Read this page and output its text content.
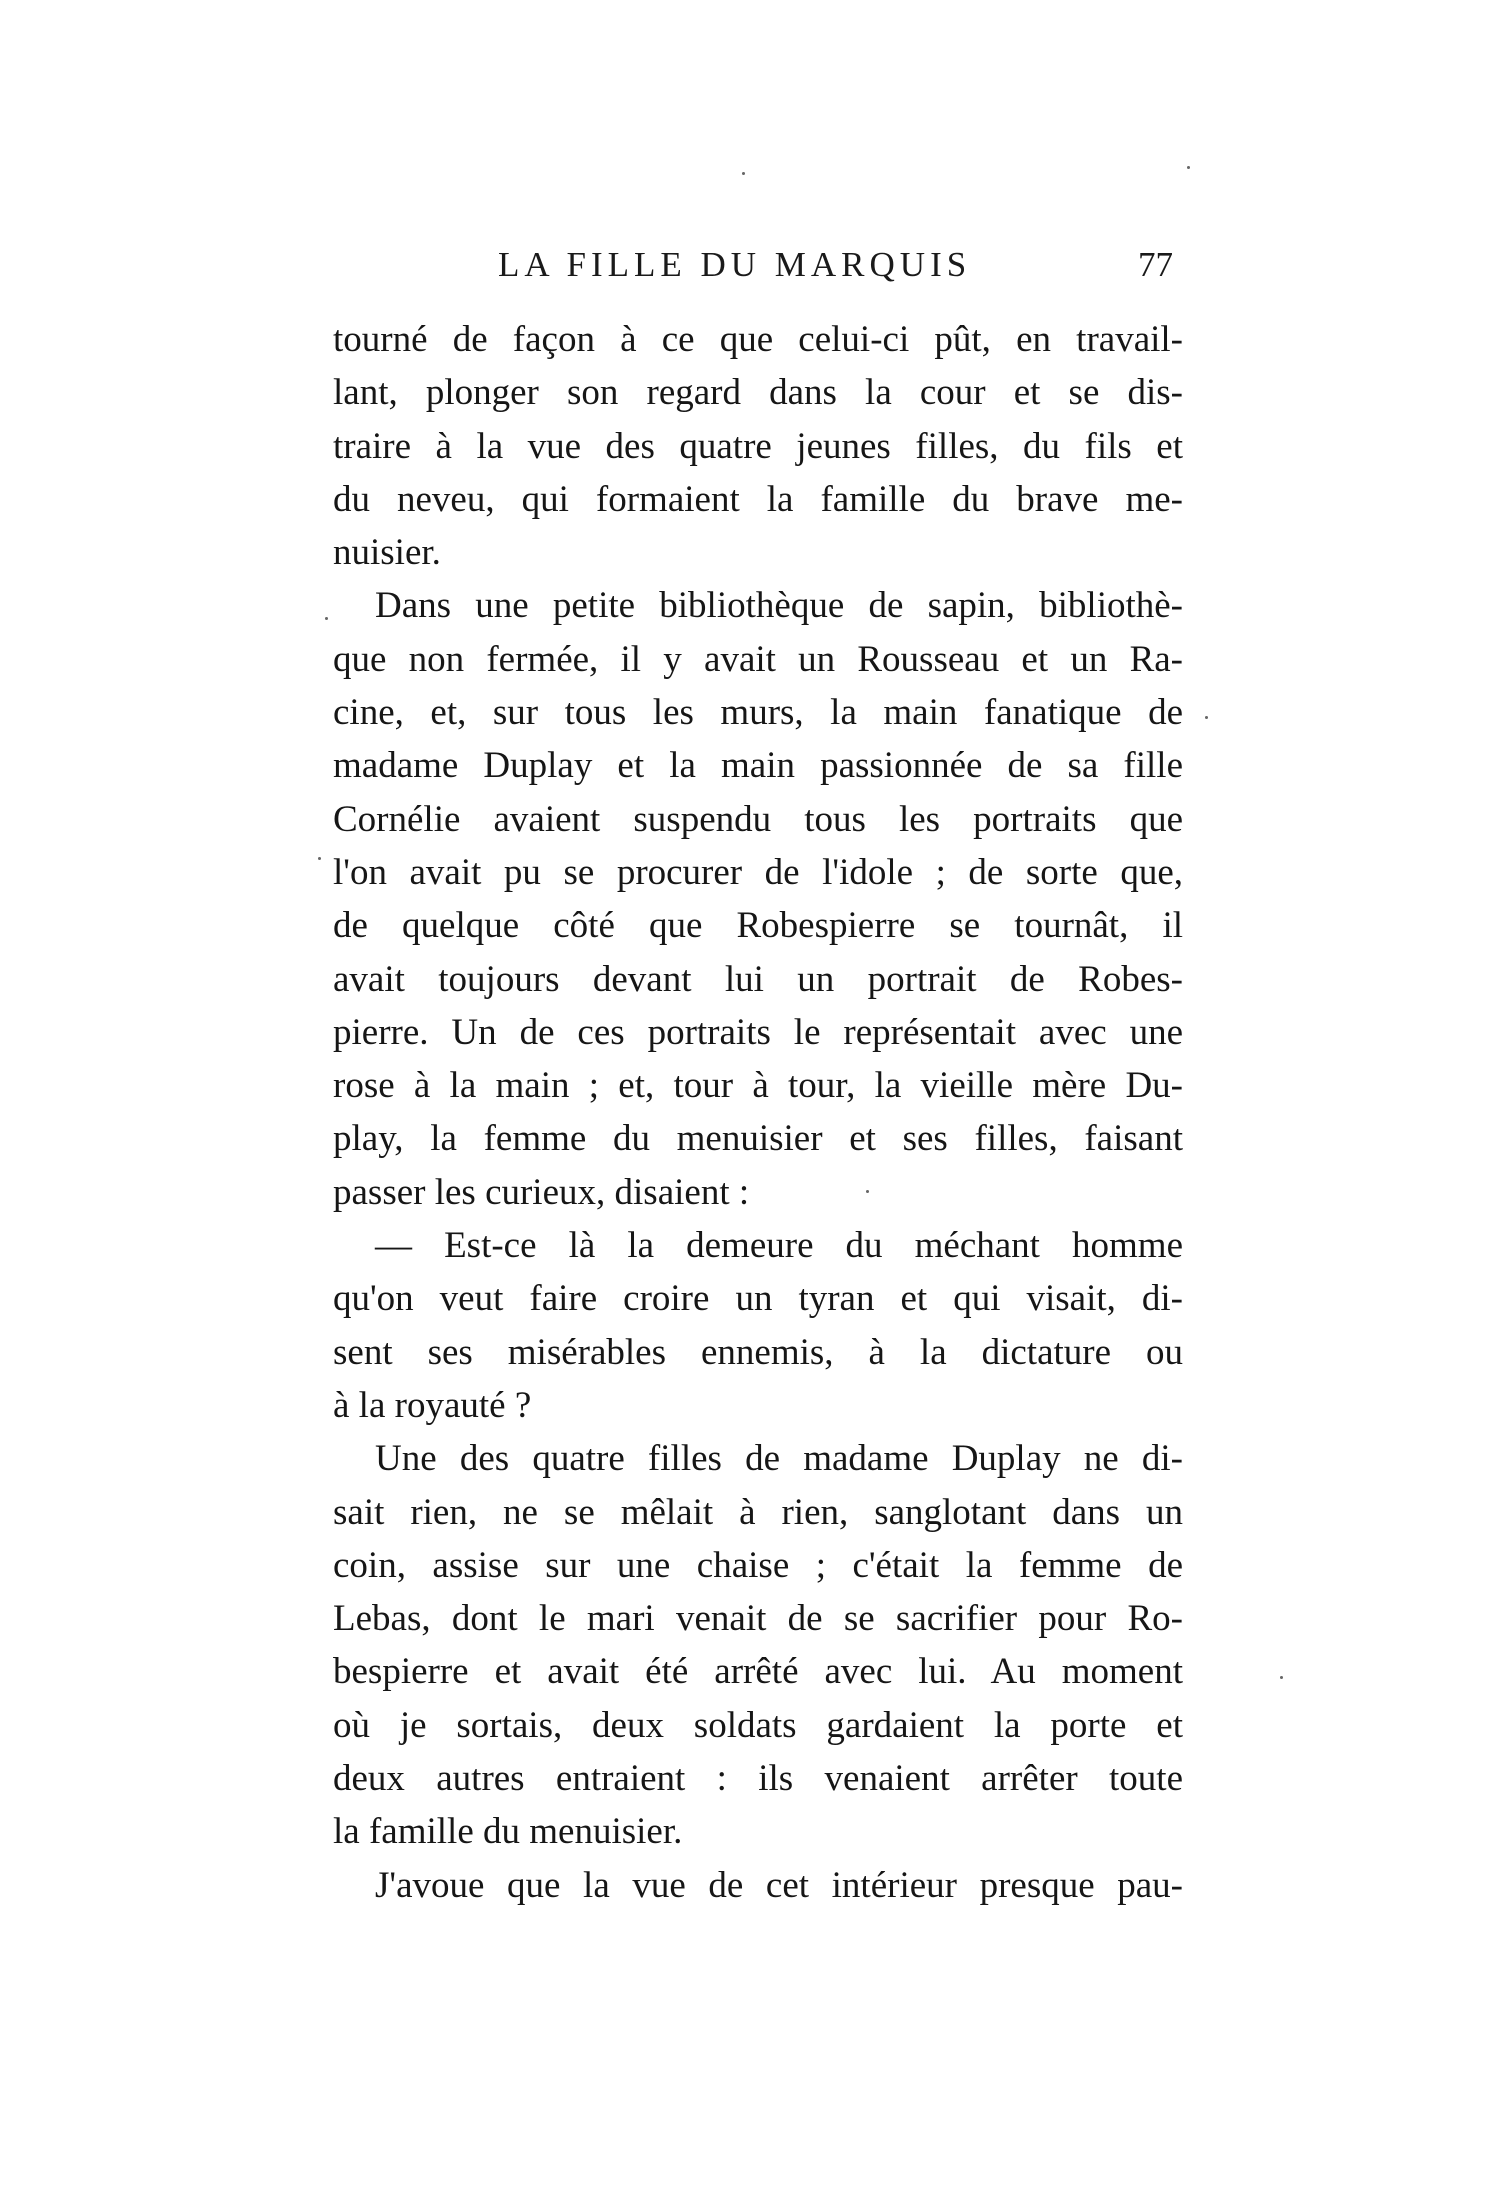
LA FILLE DU MARQUIS	77
tourné de façon à ce que celui-ci pût, en travail-
lant, plonger son regard dans la cour et se dis-
traire à la vue des quatre jeunes filles, du fils et
du neveu, qui formaient la famille du brave me-
nuisier.
Dans une petite bibliothèque de sapin, bibliothè-
que non fermée, il y avait un Rousseau et un Ra-
cine, et, sur tous les murs, la main fanatique de
madame Duplay et la main passionnée de sa fille
Cornélie avaient suspendu tous les portraits que
l'on avait pu se procurer de l'idole ; de sorte que,
de quelque côté que Robespierre se tournât, il
avait toujours devant lui un portrait de Robes-
pierre. Un de ces portraits le représentait avec une
rose à la main ; et, tour à tour, la vieille mère Du-
play, la femme du menuisier et ses filles, faisant
passer les curieux, disaient :
— Est-ce là la demeure du méchant homme
qu'on veut faire croire un tyran et qui visait, di-
sent ses misérables ennemis, à la dictature ou
à la royauté ?
Une des quatre filles de madame Duplay ne di-
sait rien, ne se mêlait à rien, sanglotant dans un
coin, assise sur une chaise ; c'était la femme de
Lebas, dont le mari venait de se sacrifier pour Ro-
bespierre et avait été arrêté avec lui. Au moment
où je sortais, deux soldats gardaient la porte et
deux autres entraient : ils venaient arrêter toute
la famille du menuisier.
J'avoue que la vue de cet intérieur presque pau-
